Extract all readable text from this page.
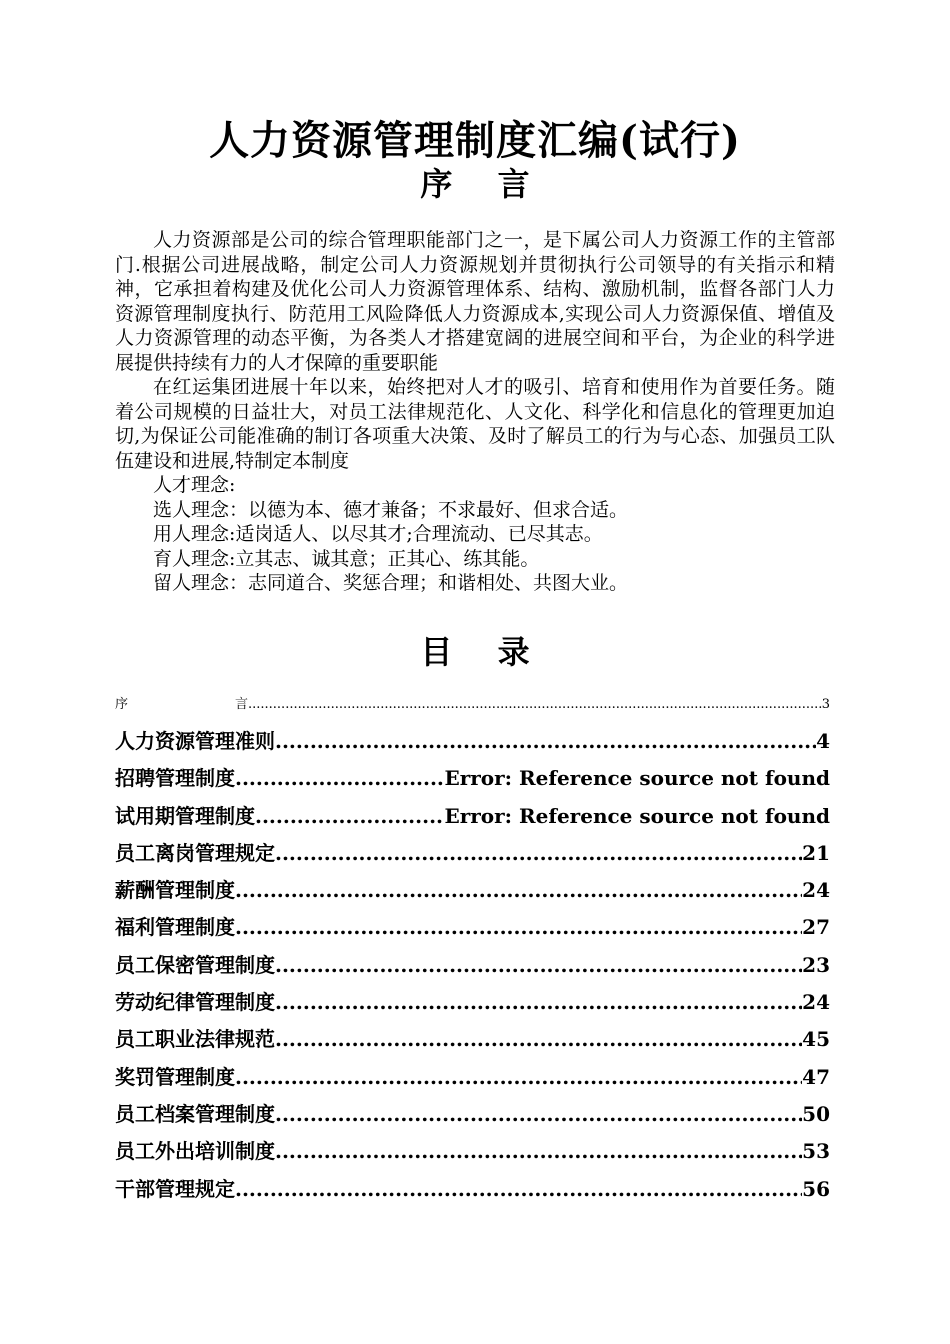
人力资源管理制度汇编(试行)
序 言

人力资源部是公司的综合管理职能部门之一，是下属公司人力资源工作的主管部门.根据公司进展战略，制定公司人力资源规划并贯彻执行公司领导的有关指示和精神，它承担着构建及优化公司人力资源管理体系、结构、激励机制，监督各部门人力资源管理制度执行、防范用工风险降低人力资源成本,实现公司人力资源保值、增值及人力资源管理的动态平衡，为各类人才搭建宽阔的进展空间和平台，为企业的科学进展提供持续有力的人才保障的重要职能

在红运集团进展十年以来，始终把对人才的吸引、培育和使用作为首要任务。随着公司规模的日益壮大，对员工法律规范化、人文化、科学化和信息化的管理更加迫切,为保证公司能准确的制订各项重大决策、及时了解员工的行为与心态、加强员工队伍建设和进展,特制定本制度

人才理念:

选人理念：以德为本、德才兼备；不求最好、但求合适。

用人理念:适岗适人、以尽其才;合理流动、已尽其志。

育人理念:立其志、诚其意；正其心、练其能。

留人理念：志同道合、奖惩合理；和谐相处、共图大业。

目 录
序	言 .....	3
人力资源管理准则 .....	4
招聘管理制度 .....	Error: Reference source not found
试用期管理制度 .....	Error: Reference source not found
员工离岗管理规定 .....	21
薪酬管理制度 .....	24
福利管理制度 .....	27
员工保密管理制度 .....	23
劳动纪律管理制度 .....	24
员工职业法律规范 .....	45
奖罚管理制度 .....	47
员工档案管理制度 .....	50
员工外出培训制度 .....	53
干部管理规定 .....	56
